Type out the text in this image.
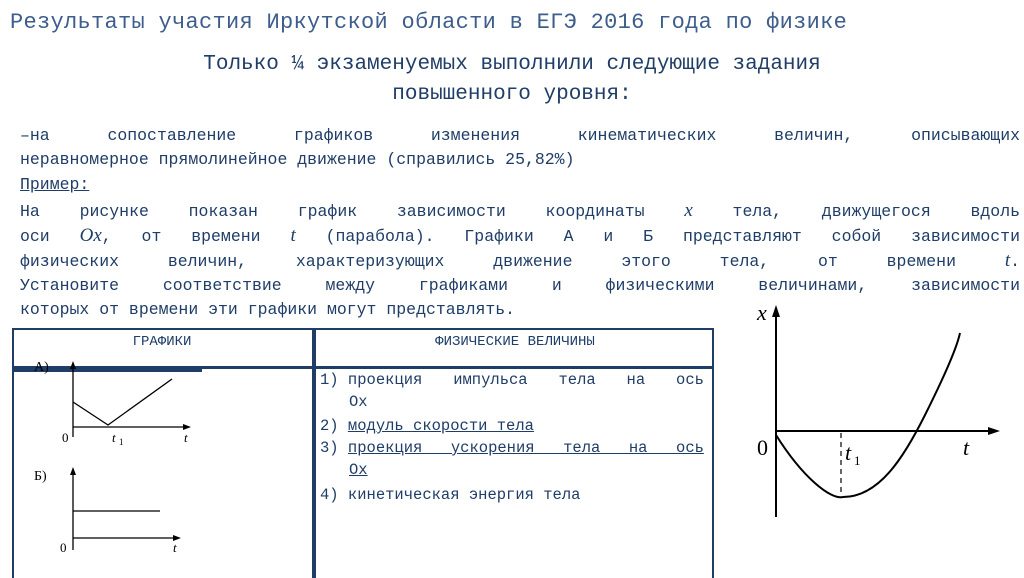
Результаты участия Иркутской области в ЕГЭ 2016 года по физике
Только ¼ экзаменуемых выполнили следующие задания
повышенного уровня:
–на сопоставление графиков изменения кинематических величин, описывающих
неравномерное прямолинейное движение (справились 25,82%)
Пример:
На рисунке показан график зависимости координаты x тела, движущегося вдоль
оси Ox, от времени t (парабола). Графики А и Б представляют собой зависимости
физических величин, характеризующих движение этого тела, от времени t.
Установите соответствие между графиками и физическими величинами, зависимости
которых от времени эти графики могут представлять.
ГРАФИКИ	ФИЗИЧЕСКИЕ ВЕЛИЧИНЫ
А)
0	t 1	t
Б)
0	t
1) проекция импульса тела на ось
Ox
2) модуль скорости тела
3) проекция ускорения тела на ось
Ox
4) кинетическая энергия тела
x
0	t 1
t
